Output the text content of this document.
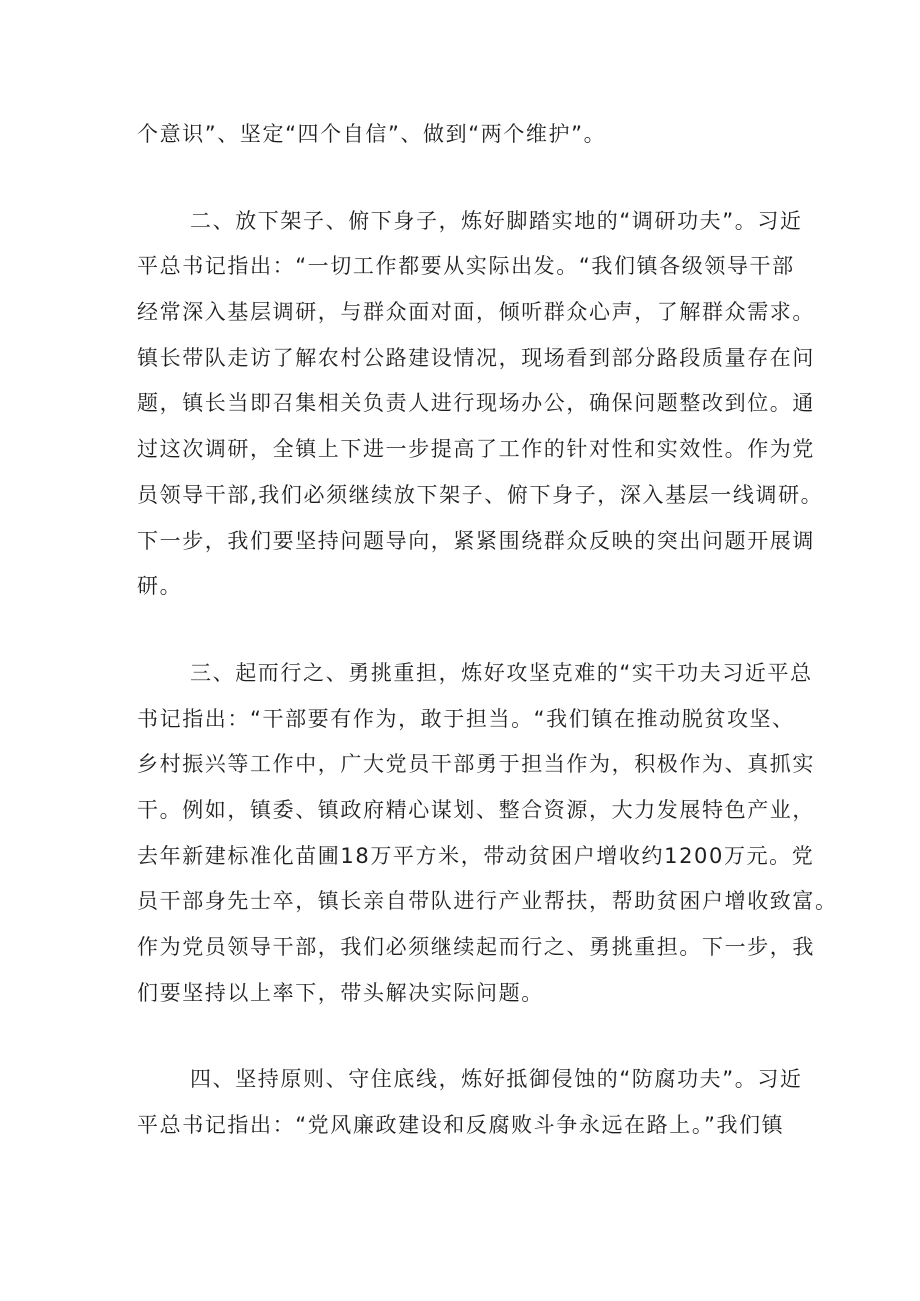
个意识”、坚定“四个自信”、做到“两个维护”。
二、放下架子、俯下身子，炼好脚踏实地的“调研功夫”。习近
平总书记指出：“一切工作都要从实际出发。“我们镇各级领导干部
经常深入基层调研，与群众面对面，倾听群众心声，了解群众需求。
镇长带队走访了解农村公路建设情况，现场看到部分路段质量存在问
题，镇长当即召集相关负责人进行现场办公，确保问题整改到位。通
过这次调研，全镇上下进一步提高了工作的针对性和实效性。作为党
员领导干部,我们必须继续放下架子、俯下身子，深入基层一线调研。
下一步，我们要坚持问题导向，紧紧围绕群众反映的突出问题开展调
研。
三、起而行之、勇挑重担，炼好攻坚克难的“实干功夫习近平总
书记指出：“干部要有作为，敢于担当。“我们镇在推动脱贫攻坚、
乡村振兴等工作中，广大党员干部勇于担当作为，积极作为、真抓实
干。例如，镇委、镇政府精心谋划、整合资源，大力发展特色产业，
去年新建标准化苗圃18万平方米，带动贫困户增收约1200万元。党
员干部身先士卒，镇长亲自带队进行产业帮扶，帮助贫困户增收致富。
作为党员领导干部，我们必须继续起而行之、勇挑重担。下一步，我
们要坚持以上率下，带头解决实际问题。
四、坚持原则、守住底线，炼好抵御侵蚀的“防腐功夫”。习近
平总书记指出：“党风廉政建设和反腐败斗争永远在路上。”我们镇
